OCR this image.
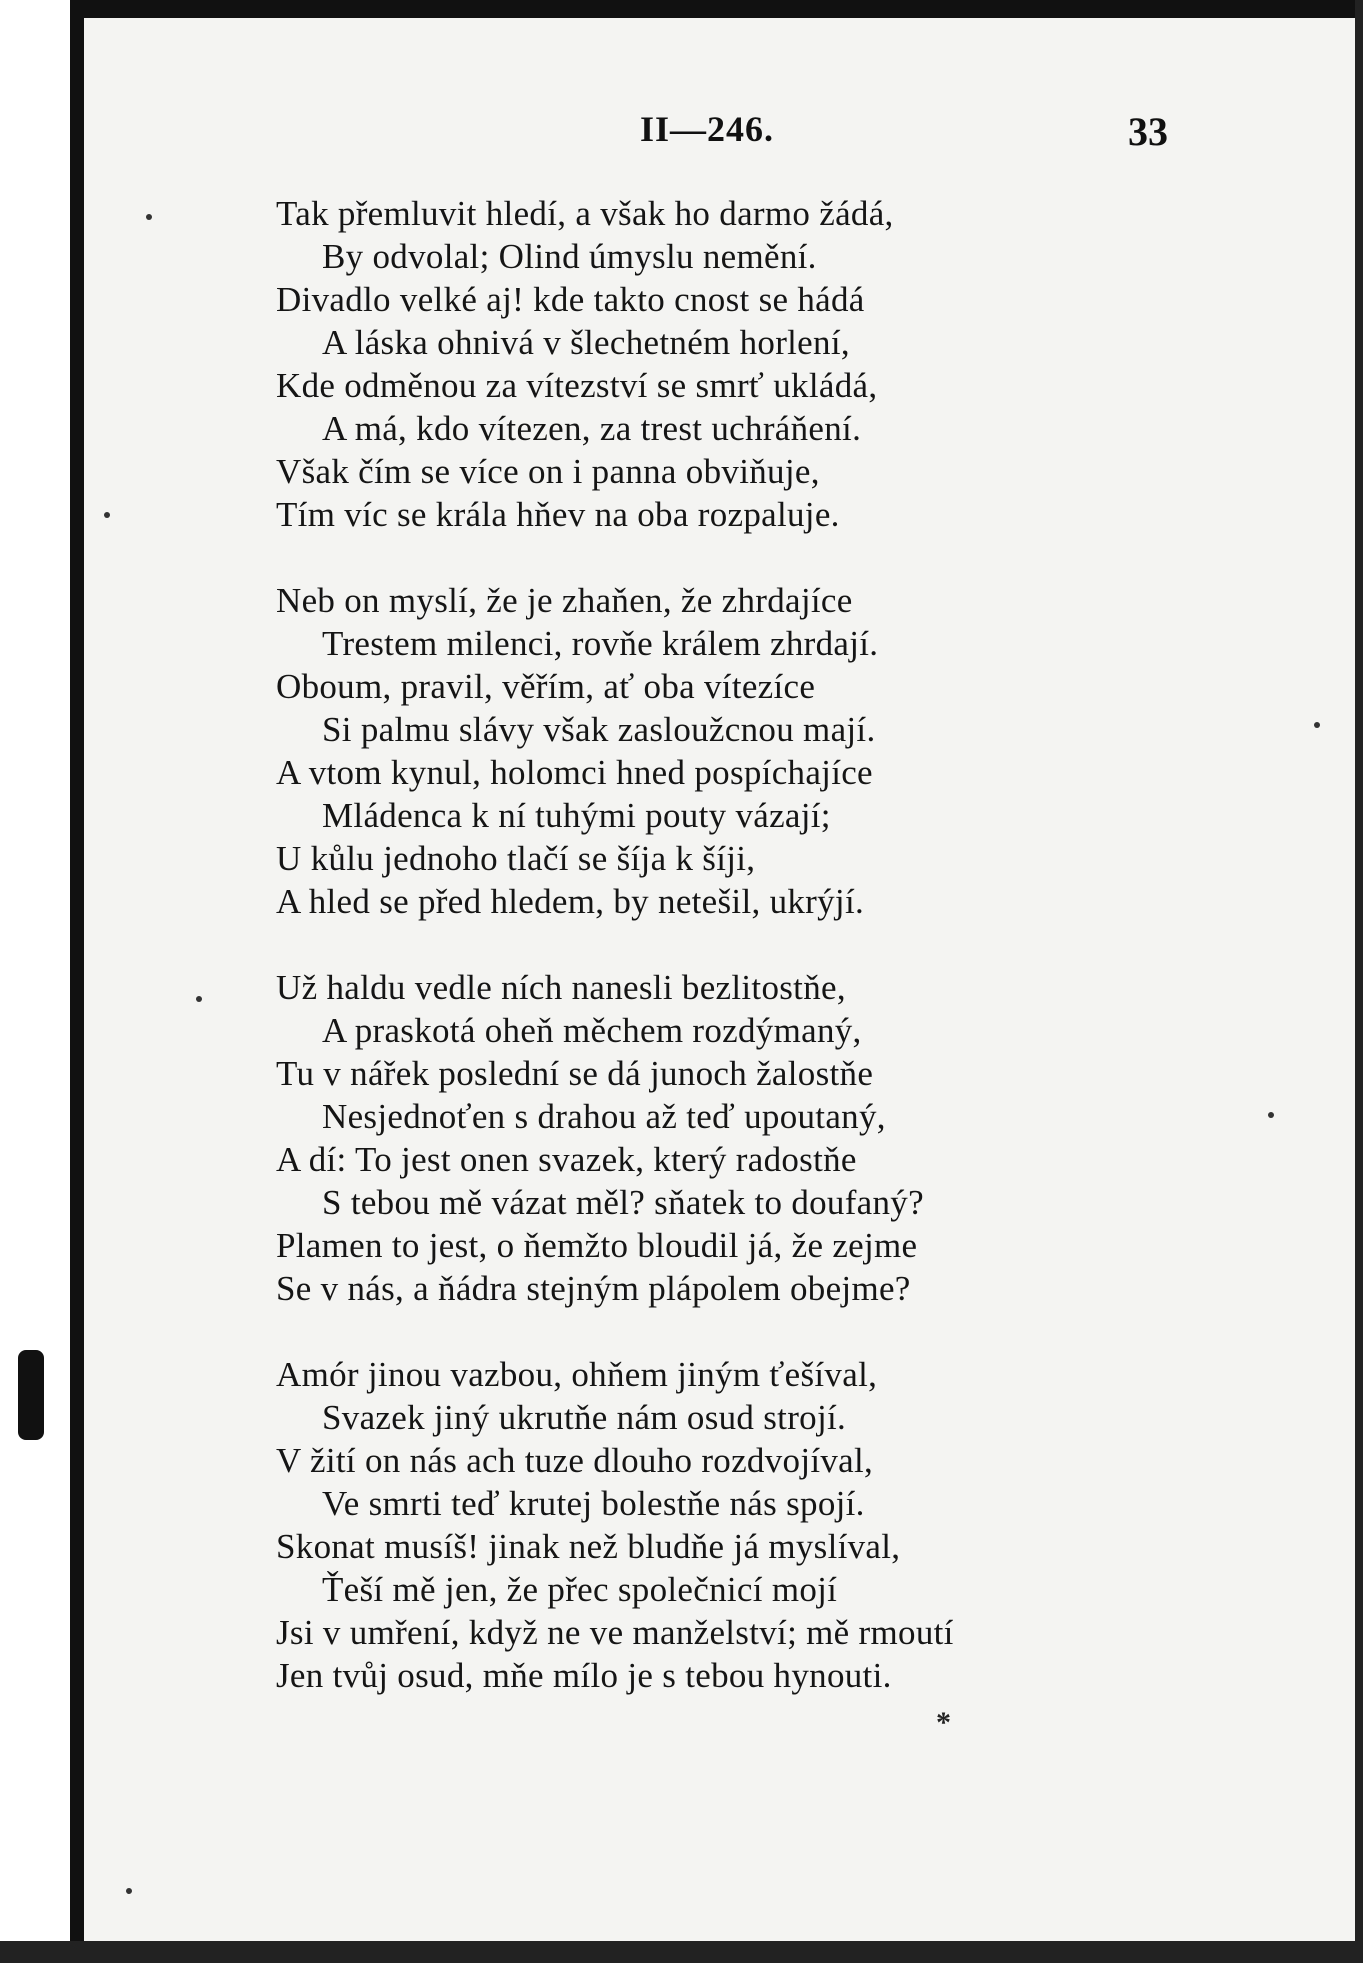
II—246.	33
Tak přemluvit hledí, a však ho darmo žádá,
By odvolal; Olind úmyslu nemění.
Divadlo velké aj! kde takto cnost se hádá
A láska ohnivá v šlechetném horlení,
Kde odměnou za vítezství se smrť ukládá,
A má, kdo vítezen, za trest uchráňení.
Však čím se více on i panna obviňuje,
Tím víc se krála hňev na oba rozpaluje.
Neb on myslí, že je zhaňen, že zhrdajíce
Trestem milenci, rovňe králem zhrdají.
Oboum, pravil, věřím, ať oba vítezíce
Si palmu slávy však zasloužcnou mají.
A vtom kynul, holomci hned pospíchajíce
Mládenca k ní tuhými pouty vázají;
U kůlu jednoho tlačí se šíja k šíji,
A hled se před hledem, by netešil, ukrýjí.
Už haldu vedle ních nanesli bezlitostňe,
A praskotá oheň měchem rozdýmaný,
Tu v nářek poslední se dá junoch žalostňe
Nesjednoťen s drahou až teď upoutaný,
A dí: To jest onen svazek, který radostňe
S tebou mě vázat měl? sňatek to doufaný?
Plamen to jest, o ňemžto bloudil já, že zejme
Se v nás, a ňádra stejným plápolem obejme?
Amór jinou vazbou, ohňem jiným ťešíval,
Svazek jiný ukrutňe nám osud strojí.
V žití on nás ach tuze dlouho rozdvojíval,
Ve smrti teď krutej bolestňe nás spojí.
Skonat musíš! jinak než bludňe já myslíval,
Ťeší mě jen, že přec společnicí mojí
Jsi v umření, když ne ve manželství; mě rmoutí
Jen tvůj osud, mňe mílo je s tebou hynouti.
*
